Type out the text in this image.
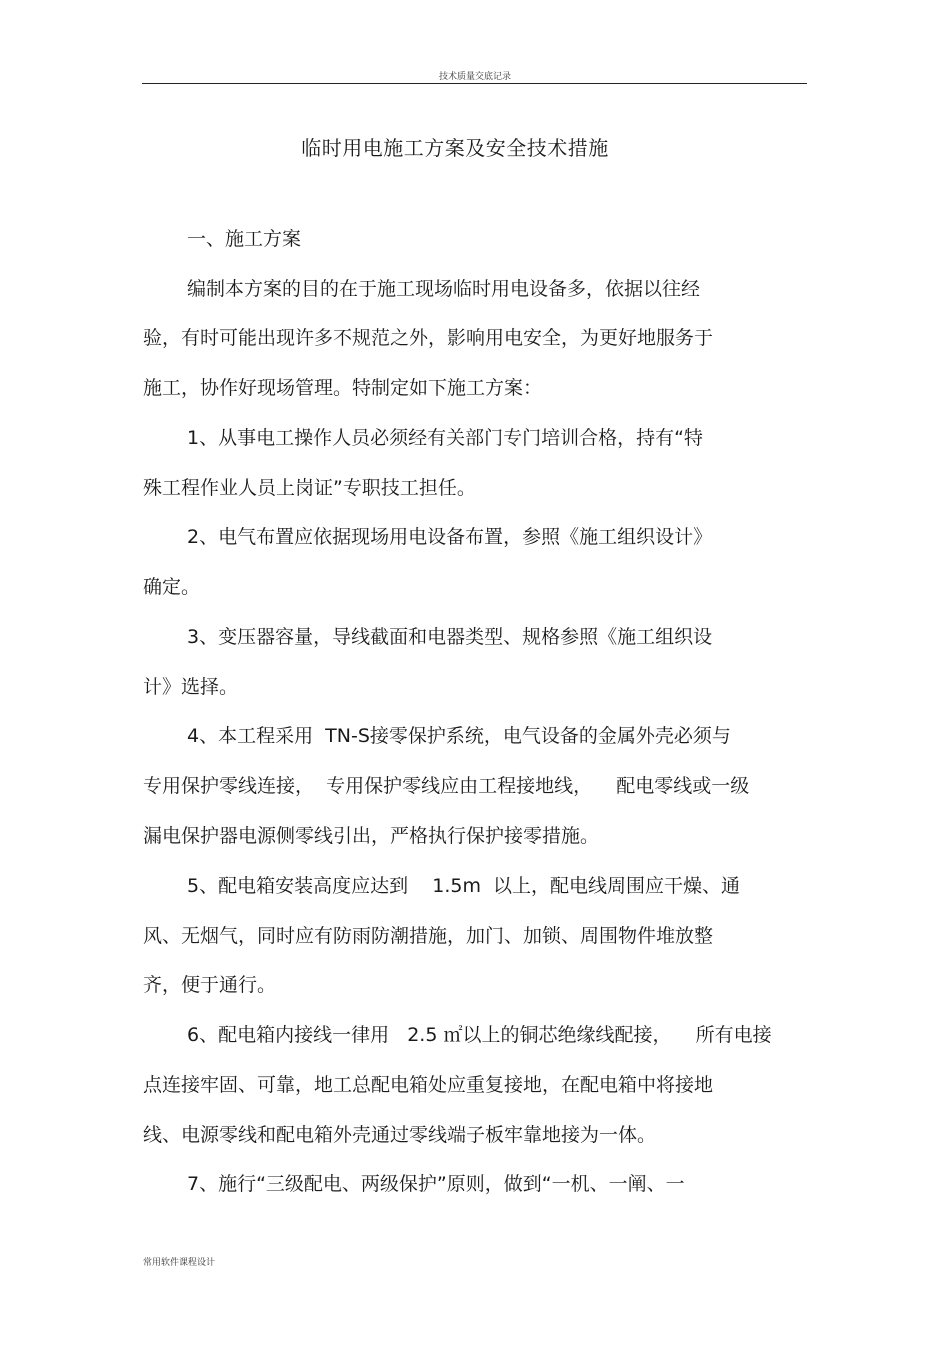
技术质量交底记录
临时用电施工方案及安全技术措施
一、施工方案
编制本方案的目的在于施工现场临时用电设备多，依据以往经
验，有时可能出现许多不规范之外，影响用电安全，为更好地服务于
施工，协作好现场管理。特制定如下施工方案：
1、从事电工操作人员必须经有关部门专门培训合格，持有“特
殊工程作业人员上岗证”专职技工担任。
2、电气布置应依据现场用电设备布置，参照《施工组织设计》
确定。
3、变压器容量，导线截面和电器类型、规格参照《施工组织设
计》选择。
4、本工程采用  TN-S接零保护系统，电气设备的金属外壳必须与
专用保护零线连接，  专用保护零线应由工程接地线，    配电零线或一级
漏电保护器电源侧零线引出，严格执行保护接零措施。
5、配电箱安装高度应达到    1.5m  以上，配电线周围应干燥、通
风、无烟气，同时应有防雨防潮措施，加门、加锁、周围物件堆放整
齐，便于通行。
6、配电箱内接线一律用   2.5 ㎡以上的铜芯绝缘线配接，    所有电接
点连接牢固、可靠，地工总配电箱处应重复接地，在配电箱中将接地
线、电源零线和配电箱外壳通过零线端子板牢靠地接为一体。
7、施行“三级配电、两级保护”原则，做到“一机、一阐、一
常用软件课程设计
